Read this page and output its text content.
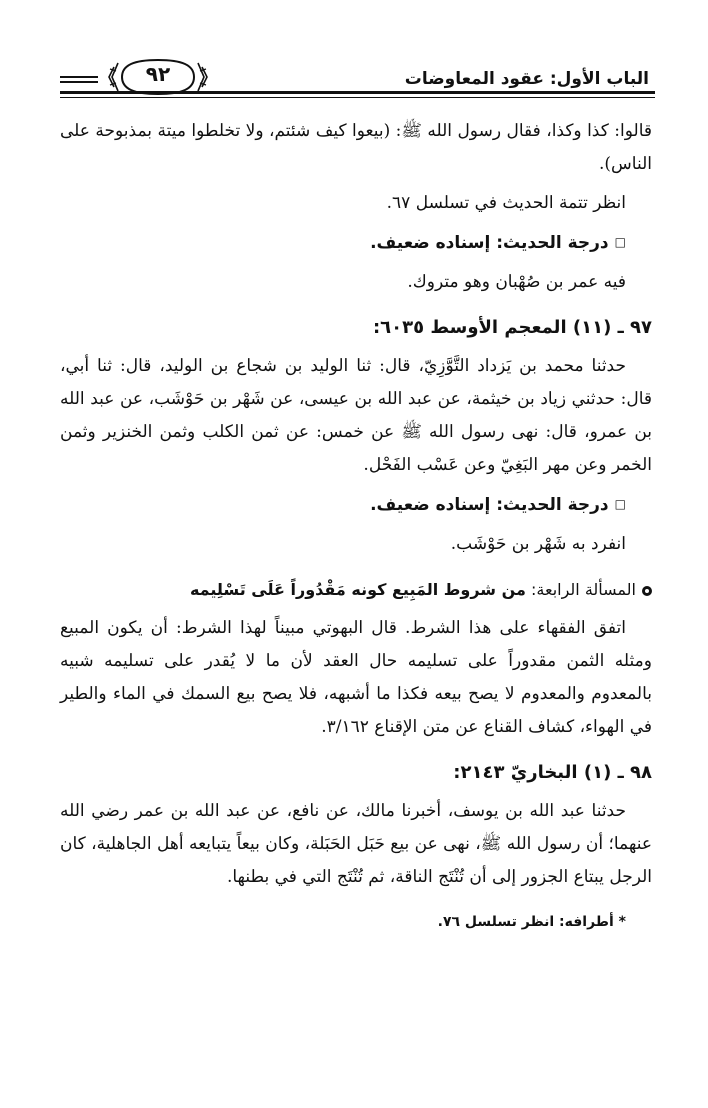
الباب الأول: عقود المعاوضات
٩٢

قالوا: كذا وكذا، فقال رسول الله ﷺ: (بيعوا كيف شئتم، ولا تخلطوا ميتة بمذبوحة على الناس).

انظر تتمة الحديث في تسلسل ٦٧.

□درجة الحديث: إسناده ضعيف.

فيه عمر بن صُهْبان وهو متروك.

٩٧ ـ (١١) المعجم الأوسط ٦٠٣٥:

حدثنا محمد بن يَزداد التَّوَّزِيّ، قال: ثنا الوليد بن شجاع بن الوليد، قال: ثنا أبي، قال: حدثني زياد بن خيثمة، عن عبد الله بن عيسى، عن شَهْر بن حَوْشَب، عن عبد الله بن عمرو، قال: نهى رسول الله ﷺ عن خمس: عن ثمن الكلب وثمن الخنزير وثمن الخمر وعن مهر البَغِيّ وعن عَسْب الفَحْل.

□درجة الحديث: إسناده ضعيف.

انفرد به شَهْر بن حَوْشَب.

المسألة الرابعة: من شروط المَبِيع كونه مَقْدُوراً عَلَى تَسْلِيمه

اتفق الفقهاء على هذا الشرط. قال البهوتي مبيناً لهذا الشرط: أن يكون المبيع ومثله الثمن مقدوراً على تسليمه حال العقد لأن ما لا يُقدر على تسليمه شبيه بالمعدوم والمعدوم لا يصح بيعه فكذا ما أشبهه، فلا يصح بيع السمك في الماء والطير في الهواء، كشاف القناع عن متن الإقناع ٣/١٦٢.

٩٨ ـ (١) البخاريّ ٢١٤٣:

حدثنا عبد الله بن يوسف، أخبرنا مالك، عن نافع، عن عبد الله بن عمر رضي الله عنهما؛ أن رسول الله ﷺ، نهى عن بيع حَبَل الحَبَلة، وكان بيعاً يتبايعه أهل الجاهلية، كان الرجل يبتاع الجزور إلى أن تُنْتَج الناقة، ثم تُنْتَج التي في بطنها.

* أطرافه: انظر تسلسل ٧٦.
